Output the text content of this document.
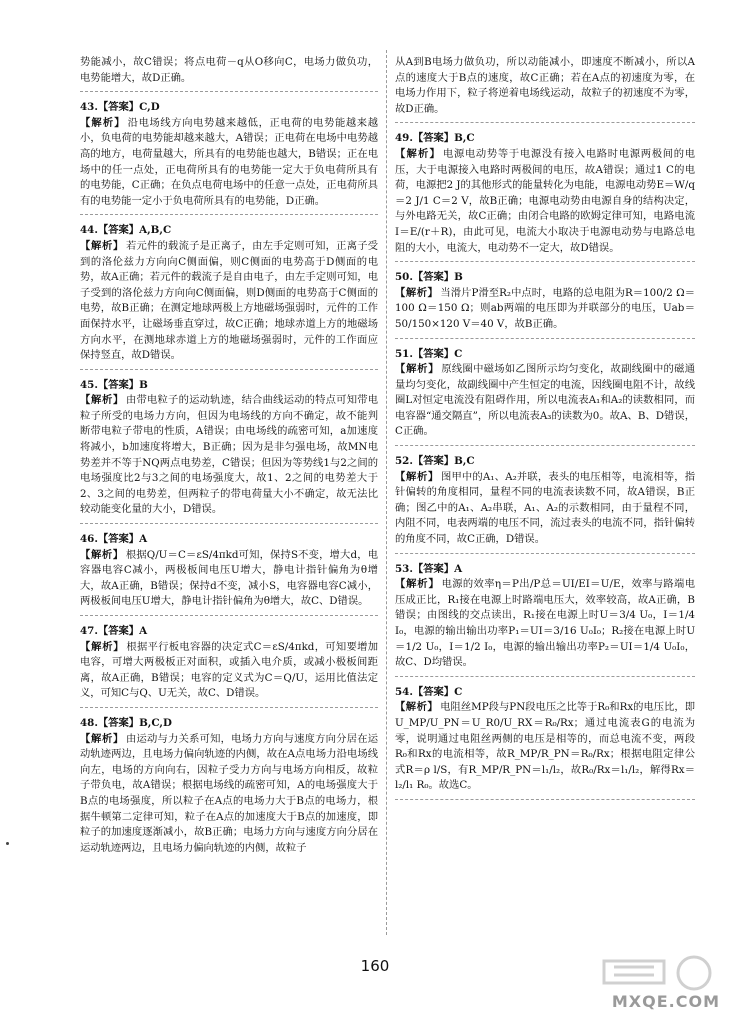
势能减小，故C错误；将点电荷－q从O移向C，电场力做负功，电势能增大，故D正确。
43.【答案】C,D
【解析】 沿电场线方向电势越来越低，正电荷的电势能越来越小，负电荷的电势能却越来越大，A错误；正电荷在电场中电势越高的地方，电荷量越大，所具有的电势能也越大，B错误；正在电场中的任一点处，正电荷所具有的电势能一定大于负电荷所具有的电势能，C正确；在负点电荷电场中的任意一点处，正电荷所具有的电势能一定小于负电荷所具有的电势能，D正确。
44.【答案】A,B,C
【解析】 若元件的载流子是正离子，由左手定则可知，正离子受到的洛伦兹力方向向C侧面偏，则C侧面的电势高于D侧面的电势，故A正确；若元件的载流子是自由电子，由左手定则可知，电子受到的洛伦兹力方向向C侧面偏，则D侧面的电势高于C侧面的电势，故B正确；在测定地球两极上方地磁场强弱时，元件的工作面保持水平，让磁场垂直穿过，故C正确；地球赤道上方的地磁场方向水平，在测地球赤道上方的地磁场强弱时，元件的工作面应保持竖直，故D错误。
45.【答案】B
【解析】 由带电粒子的运动轨迹，结合曲线运动的特点可知带电粒子所受的电场力方向，但因为电场线的方向不确定，故不能判断带电粒子带电的性质，A错误；由电场线的疏密可知，a加速度将减小，b加速度将增大，B正确；因为是非匀强电场，故MN电势差并不等于NQ两点电势差，C错误；但因为等势线1与2之间的电场强度比2与3之间的电场强度大，故1、2之间的电势差大于2、3之间的电势差，但两粒子的带电荷量大小不确定，故无法比较动能变化量的大小，D错误。
46.【答案】A
【解析】 根据Q/U＝C＝εS/4πkd可知，保持S不变，增大d，电容器电容C减小，两极板间电压U增大，静电计指针偏角为θ增大，故A正确，B错误；保持d不变，减小S，电容器电容C减小，两极板间电压U增大，静电计指针偏角为θ增大，故C、D错误。
47.【答案】A
【解析】 根据平行板电容器的决定式C＝εS/4πkd，可知要增加电容，可增大两极板正对面积，或插入电介质，或减小极板间距离，故A正确，B错误；电容的定义式为C＝Q/U，运用比值法定义，可知C与Q、U无关，故C、D错误。
48.【答案】B,C,D
【解析】 由运动与力关系可知，电场力方向与速度方向分居在运动轨迹两边，且电场力偏向轨迹的内侧，故在A点电场力沿电场线向左，电场的方向向右，因粒子受力方向与电场方向相反，故粒子带负电，故A错误；根据电场线的疏密可知，A的电场强度大于B点的电场强度，所以粒子在A点的电场力大于B点的电场力，根据牛顿第二定律可知，粒子在A点的加速度大于B点的加速度，即粒子的加速度逐渐减小，故B正确；电场力方向与速度方向分居在运动轨迹两边，且电场力偏向轨迹的内侧，故粒子
从A到B电场力做负功，所以动能减小，即速度不断减小，所以A点的速度大于B点的速度，故C正确；若在A点的初速度为零，在电场力作用下，粒子将逆着电场线运动，故粒子的初速度不为零，故D正确。
49.【答案】B,C
【解析】 电源电动势等于电源没有接入电路时电源两极间的电压，大于电源接入电路时两极间的电压，故A错误；通过1 C的电荷，电源把2 J的其他形式的能量转化为电能，电源电动势E＝W/q＝2 J/1 C＝2 V，故B正确；电源电动势由电源自身的结构决定，与外电路无关，故C正确；由闭合电路的欧姆定律可知，电路电流I＝E/(r＋R)，由此可见，电流大小取决于电源电动势与电路总电阻的大小，电流大，电动势不一定大，故D错误。
50.【答案】B
【解析】 当滑片P滑至R₂中点时，电路的总电阻为R＝100/2 Ω＝100 Ω＝150 Ω；则ab两端的电压即为并联部分的电压，Uab＝50/150×120 V＝40 V，故B正确。
51.【答案】C
【解析】 原线圈中磁场如乙图所示均匀变化，故副线圈中的磁通量均匀变化，故副线圈中产生恒定的电流，因线圈电阻不计，故线圈L对恒定电流没有阻碍作用，所以电流表A₁和A₂的读数相同，而电容器“通交隔直”，所以电流表A₃的读数为0。故A、B、D错误，C正确。
52.【答案】B,C
【解析】 图甲中的A₁、A₂并联，表头的电压相等，电流相等，指针偏转的角度相同，量程不同的电流表读数不同，故A错误，B正确；图乙中的A₁、A₂串联，A₁、A₂的示数相同，由于量程不同，内阻不同，电表两端的电压不同，流过表头的电流不同，指针偏转的角度不同，故C正确，D错误。
53.【答案】A
【解析】 电源的效率η＝P出/P总＝UI/EI＝U/E，效率与路端电压成正比，R₁接在电源上时路端电压大，效率较高，故A正确，B错误；由图线的交点读出，R₁接在电源上时U＝3/4 U₀，I＝1/4 I₀，电源的输出输出功率P₁＝UI＝3/16 U₀I₀；R₂接在电源上时U＝1/2 U₀，I＝1/2 I₀，电源的输出输出功率P₂＝UI＝1/4 U₀I₀，故C、D均错误。
54.【答案】C
【解析】 电阻丝MP段与PN段电压之比等于R₀和Rx的电压比，即U_MP/U_PN＝U_R0/U_RX＝R₀/Rx；通过电流表G的电流为零，说明通过电阻丝两侧的电压是相等的，而总电流不变，两段R₀和Rx的电流相等，故R_MP/R_PN＝R₀/Rx；根据电阻定律公式R＝ρ l/S，有R_MP/R_PN＝l₁/l₂，故R₀/Rx＝l₁/l₂，解得Rx＝l₂/l₁ R₀。故选C。
160
MXQE.COM
